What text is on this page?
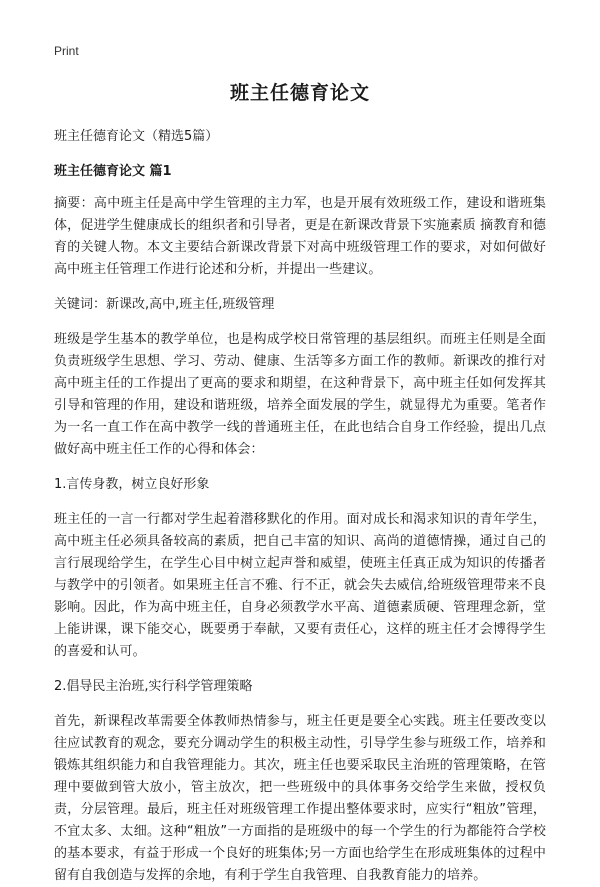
Print
班主任德育论文
班主任德育论文（精选5篇）
班主任德育论文 篇1

摘要：高中班主任是高中学生管理的主力军，也是开展有效班级工作，建设和谐班集体，促进学生健康成长的组织者和引导者，更是在新课改背景下实施素质 摘教育和德育的关键人物。本文主要结合新课改背景下对高中班级管理工作的要求，对如何做好高中班主任管理工作进行论述和分析，并提出一些建议。

关键词：新课改,高中,班主任,班级管理

班级是学生基本的教学单位，也是构成学校日常管理的基层组织。而班主任则是全面负责班级学生思想、学习、劳动、健康、生活等多方面工作的教师。新课改的推行对高中班主任的工作提出了更高的要求和期望，在这种背景下，高中班主任如何发挥其引导和管理的作用，建设和谐班级，培养全面发展的学生，就显得尤为重要。笔者作为一名一直工作在高中教学一线的普通班主任，在此也结合自身工作经验，提出几点做好高中班主任工作的心得和体会：

1.言传身教，树立良好形象

班主任的一言一行都对学生起着潜移默化的作用。面对成长和渴求知识的青年学生，高中班主任必须具备较高的素质，把自己丰富的知识、高尚的道德情操，通过自己的言行展现给学生，在学生心目中树立起声誉和威望，使班主任真正成为知识的传播者与教学中的引领者。如果班主任言不雅、行不正，就会失去威信,给班级管理带来不良影响。因此，作为高中班主任，自身必须教学水平高、道德素质硬、管理理念新，堂上能讲课，课下能交心，既要勇于奉献，又要有责任心，这样的班主任才会博得学生的喜爱和认可。

2.倡导民主治班,实行科学管理策略

首先，新课程改革需要全体教师热情参与，班主任更是要全心实践。班主任要改变以往应试教育的观念，要充分调动学生的积极主动性，引导学生参与班级工作，培养和锻炼其组织能力和自我管理能力。其次，班主任也要采取民主治班的管理策略，在管理中要做到管大放小，管主放次，把一些班级中的具体事务交给学生来做，授权负责，分层管理。最后，班主任对班级管理工作提出整体要求时，应实行“粗放”管理，不宜太多、太细。这种“粗放”一方面指的是班级中的每一个学生的行为都能符合学校的基本要求，有益于形成一个良好的班集体;另一方面也给学生在形成班集体的过程中留有自我创造与发挥的余地，有利于学生自我管理、自我教育能力的培养。
